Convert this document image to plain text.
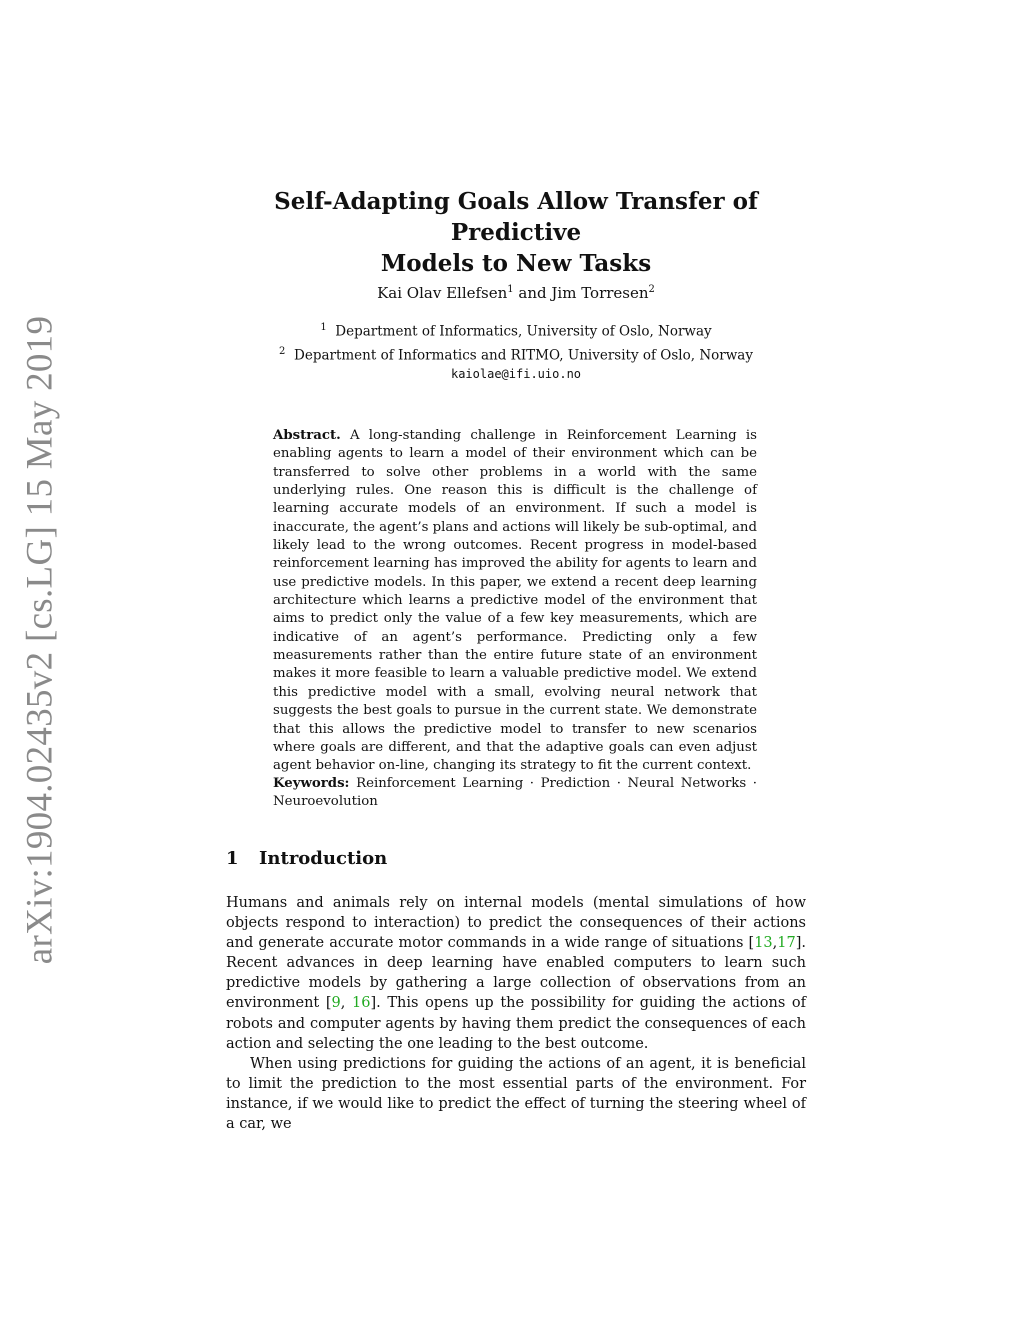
arXiv:1904.02435v2 [cs.LG] 15 May 2019
Self-Adapting Goals Allow Transfer of Predictive
Models to New Tasks
Kai Olav Ellefsen$^1$ and Jim Torresen$^2$
$^1$ Department of Informatics, University of Oslo, Norway
$^2$ Department of Informatics and RITMO, University of Oslo, Norway
kaiolae@ifi.uio.no
Abstract. A long-standing challenge in Reinforcement Learning is enabling agents to learn a model of their environment which can be transferred to solve other problems in a world with the same underlying rules. One reason this is difficult is the challenge of learning accurate models of an environment. If such a model is inaccurate, the agent’s plans and actions will likely be sub-optimal, and likely lead to the wrong outcomes. Recent progress in model-based reinforcement learning has improved the ability for agents to learn and use predictive models. In this paper, we extend a recent deep learning architecture which learns a predictive model of the environment that aims to predict only the value of a few key measurements, which are indicative of an agent’s performance. Predicting only a few measurements rather than the entire future state of an environment makes it more feasible to learn a valuable predictive model. We extend this predictive model with a small, evolving neural network that suggests the best goals to pursue in the current state. We demonstrate that this allows the predictive model to transfer to new scenarios where goals are different, and that the adaptive goals can even adjust agent behavior on-line, changing its strategy to fit the current context.
Keywords: Reinforcement Learning · Prediction · Neural Networks · Neuroevolution
1 Introduction

Humans and animals rely on internal models (mental simulations of how objects respond to interaction) to predict the consequences of their actions and generate accurate motor commands in a wide range of situations [13,17]. Recent advances in deep learning have enabled computers to learn such predictive models by gathering a large collection of observations from an environment [9, 16]. This opens up the possibility for guiding the actions of robots and computer agents by having them predict the consequences of each action and selecting the one leading to the best outcome.

When using predictions for guiding the actions of an agent, it is beneficial to limit the prediction to the most essential parts of the environment. For instance, if we would like to predict the effect of turning the steering wheel of a car, we
